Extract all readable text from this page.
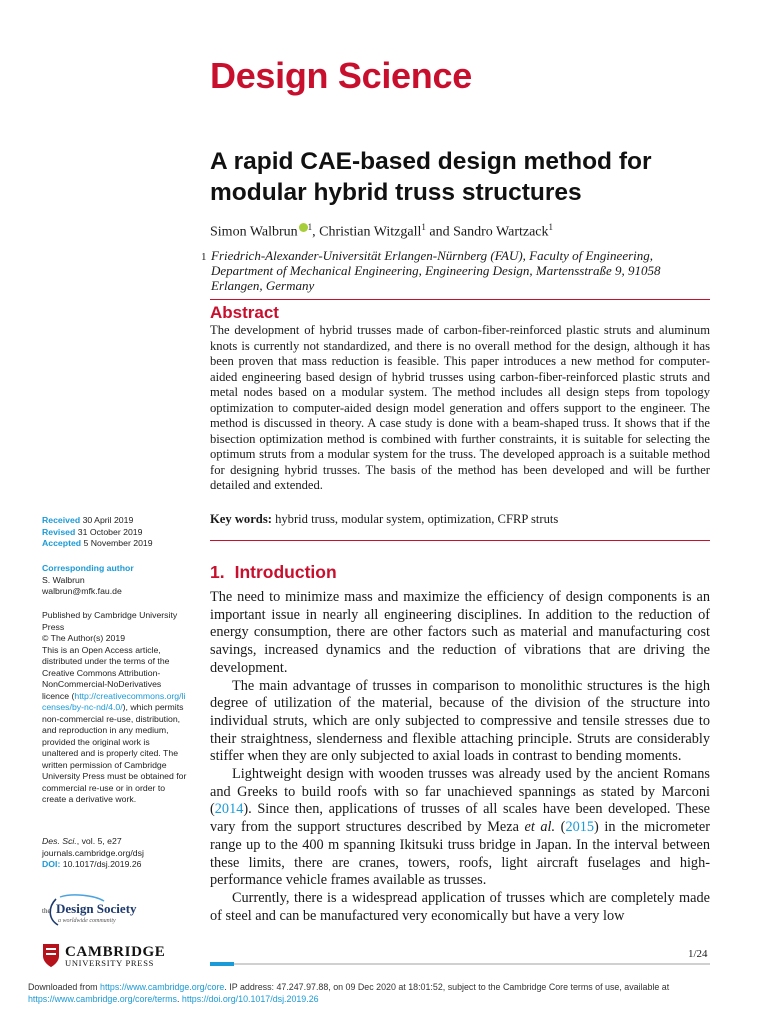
Design Science
A rapid CAE-based design method for modular hybrid truss structures
Simon Walbrun $^1$, Christian Witzgall$^1$ and Sandro Wartzack$^1$
1 Friedrich-Alexander-Universität Erlangen-Nürnberg (FAU), Faculty of Engineering, Department of Mechanical Engineering, Engineering Design, Martensstraße 9, 91058 Erlangen, Germany
Abstract
The development of hybrid trusses made of carbon-fiber-reinforced plastic struts and aluminum knots is currently not standardized, and there is no overall method for the design, although it has been proven that mass reduction is feasible. This paper introduces a new method for computer-aided engineering based design of hybrid trusses using carbon-fiber-reinforced plastic struts and metal nodes based on a modular system. The method includes all design steps from topology optimization to computer-aided design model generation and offers support to the engineer. The method is discussed in theory. A case study is done with a beam-shaped truss. It shows that if the bisection optimization method is combined with further constraints, it is suitable for selecting the optimum struts from a modular system for the truss. The developed approach is a suitable method for designing hybrid trusses. The basis of the method has been developed and will be further detailed and extended.
Key words: hybrid truss, modular system, optimization, CFRP struts
1. Introduction

The need to minimize mass and maximize the efficiency of design components is an important issue in nearly all engineering disciplines. In addition to the reduction of energy consumption, there are other factors such as material and manufacturing cost savings, increased dynamics and the reduction of vibrations that are driving the development.

The main advantage of trusses in comparison to monolithic structures is the high degree of utilization of the material, because of the division of the structure into individual struts, which are only subjected to compressive and tensile stresses due to their straightness, slenderness and flexible attaching principle. Struts are considerably stiffer when they are only subjected to axial loads in contrast to bending moments.

Lightweight design with wooden trusses was already used by the ancient Romans and Greeks to build roofs with so far unachieved spannings as stated by Marconi (2014). Since then, applications of trusses of all scales have been developed. These vary from the support structures described by Meza et al. (2015) in the micrometer range up to the 400 m spanning Ikitsuki truss bridge in Japan. In the interval between these limits, there are cranes, towers, roofs, light aircraft fuselages and high-performance vehicle frames available as trusses.

Currently, there is a widespread application of trusses which are completely made of steel and can be manufactured very economically but have a very low

Received 30 April 2019
Revised 31 October 2019
Accepted 5 November 2019
Corresponding author
S. Walbrun
walbrun@mfk.fau.de
Published by Cambridge University Press
© The Author(s) 2019
This is an Open Access article, distributed under the terms of the Creative Commons Attribution-NonCommercial-NoDerivatives licence (http://creativecommons.org/licenses/by-nc-nd/4.0/), which permits non-commercial re-use, distribution, and reproduction in any medium, provided the original work is unaltered and is properly cited. The written permission of Cambridge University Press must be obtained for commercial re-use or in order to create a derivative work.
Des. Sci., vol. 5, e27
journals.cambridge.org/dsj
DOI: 10.1017/dsj.2019.26
the Design Society
a worldwide community
CAMBRIDGE
UNIVERSITY PRESS
1/24
Downloaded from https://www.cambridge.org/core. IP address: 47.247.97.88, on 09 Dec 2020 at 18:01:52, subject to the Cambridge Core terms of use, available at https://www.cambridge.org/core/terms. https://doi.org/10.1017/dsj.2019.26
